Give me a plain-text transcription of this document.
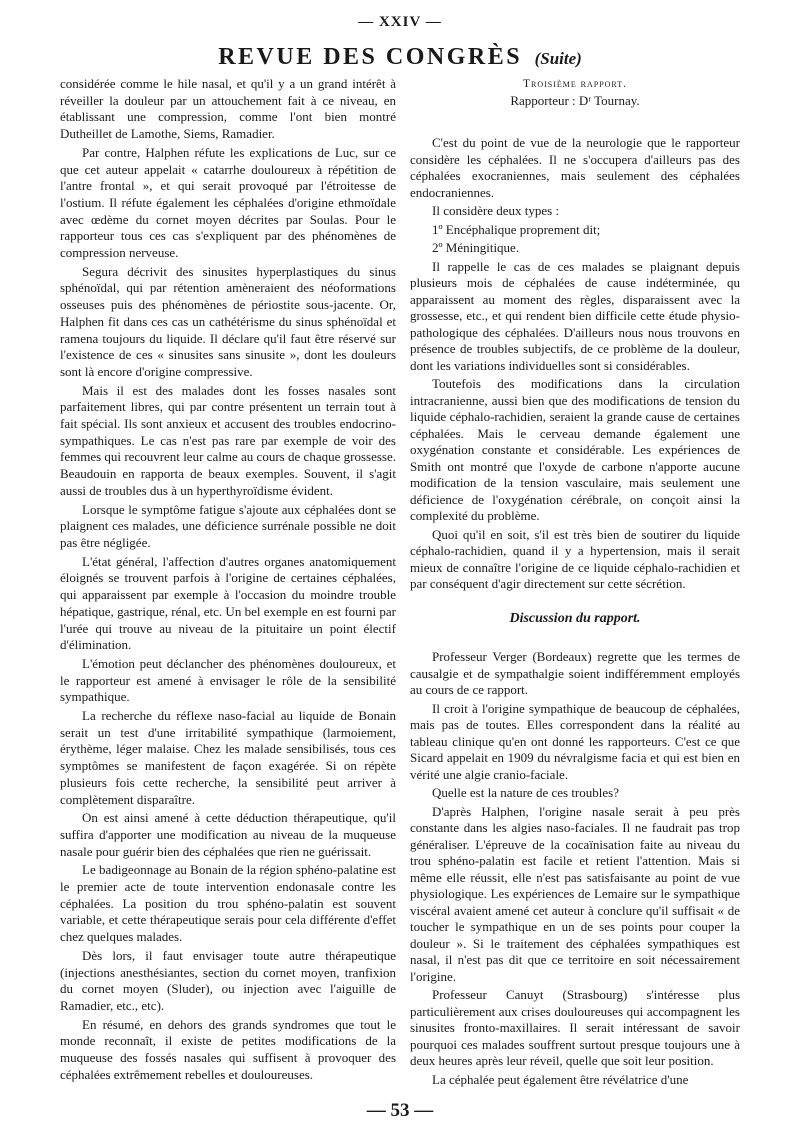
— XXIV —
REVUE DES CONGRÈS (Suite)

considérée comme le hile nasal, et qu'il y a un grand intérêt à réveiller la douleur par un attouchement fait à ce niveau, en établissant une compression, comme l'ont bien montré Dutheillet de Lamothe, Siems, Ramadier.

Par contre, Halphen réfute les explications de Luc, sur ce que cet auteur appelait « catarrhe douloureux à répétition de l'antre frontal », et qui serait provoqué par l'étroitesse de l'ostium. Il réfute également les céphalées d'origine ethmoïdale avec œdème du cornet moyen décrites par Soulas. Pour le rapporteur tous ces cas s'expliquent par des phénomènes de compression nerveuse.

Segura décrivit des sinusites hyperplastiques du sinus sphénoïdal, qui par rétention amèneraient des néoformations osseuses puis des phénomènes de périostite sous-jacente. Or, Halphen fit dans ces cas un cathétérisme du sinus sphénoïdal et ramena toujours du liquide. Il déclare qu'il faut être réservé sur l'existence de ces « sinusites sans sinusite », dont les douleurs sont là encore d'origine compressive.

Mais il est des malades dont les fosses nasales sont parfaitement libres, qui par contre présentent un terrain tout à fait spécial. Ils sont anxieux et accusent des troubles endocrino-sympathiques. Le cas n'est pas rare par exemple de voir des femmes qui recouvrent leur calme au cours de chaque grossesse. Beaudouin en rapporta de beaux exemples. Souvent, il s'agit aussi de troubles dus à un hyperthyroïdisme évident.

Lorsque le symptôme fatigue s'ajoute aux céphalées dont se plaignent ces malades, une déficience surrénale possible ne doit pas être négligée.

L'état général, l'affection d'autres organes anatomiquement éloignés se trouvent parfois à l'origine de certaines céphalées, qui apparaissent par exemple à l'occasion du moindre trouble hépatique, gastrique, rénal, etc. Un bel exemple en est fourni par l'urée qui trouve au niveau de la pituitaire un point électif d'élimination.

L'émotion peut déclancher des phénomènes douloureux, et le rapporteur est amené à envisager le rôle de la sensibilité sympathique.

La recherche du réflexe naso-facial au liquide de Bonain serait un test d'une irritabilité sympathique (larmoiement, érythème, léger malaise. Chez les malade sensibilisés, tous ces symptômes se manifestent de façon exagérée. Si on répète plusieurs fois cette recherche, la sensibilité peut arriver à complètement disparaître.

On est ainsi amené à cette déduction thérapeutique, qu'il suffira d'apporter une modification au niveau de la muqueuse nasale pour guérir bien des céphalées que rien ne guérissait.

Le badigeonnage au Bonain de la région sphéno-palatine est le premier acte de toute intervention endonasale contre les céphalées. La position du trou sphéno-palatin est souvent variable, et cette thérapeutique serais pour cela différente d'effet chez quelques malades.

Dès lors, il faut envisager toute autre thérapeutique (injections anesthésiantes, section du cornet moyen, tranfixion du cornet moyen (Sluder), ou injection avec l'aiguille de Ramadier, etc., etc).

En résumé, en dehors des grands syndromes que tout le monde reconnaît, il existe de petites modifications de la muqueuse des fossés nasales qui suffisent à provoquer des céphalées extrêmement rebelles et douloureuses.

Troisième rapport.
Rapporteur : Dʳ Tournay.

C'est du point de vue de la neurologie que le rapporteur considère les céphalées. Il ne s'occupera d'ailleurs pas des céphalées exocraniennes, mais seulement des céphalées endocraniennes.

Il considère deux types :

1º Encéphalique proprement dit;

2º Méningitique.

Il rappelle le cas de ces malades se plaignant depuis plusieurs mois de céphalées de cause indéterminée, qu apparaissent au moment des règles, disparaissent avec la grossesse, etc., et qui rendent bien difficile cette étude physio-pathologique des céphalées. D'ailleurs nous nous trouvons en présence de troubles subjectifs, de ce problème de la douleur, dont les variations individuelles sont si considérables.

Toutefois des modifications dans la circulation intracranienne, aussi bien que des modifications de tension du liquide céphalo-rachidien, seraient la grande cause de certaines céphalées. Mais le cerveau demande également une oxygénation constante et considérable. Les expériences de Smith ont montré que l'oxyde de carbone n'apporte aucune modification de la tension vasculaire, mais seulement une déficience de l'oxygénation cérébrale, on conçoit ainsi la complexité du problème.

Quoi qu'il en soit, s'il est très bien de soutirer du liquide céphalo-rachidien, quand il y a hypertension, mais il serait mieux de connaître l'origine de ce liquide céphalo-rachidien et par conséquent d'agir directement sur cette sécrétion.

Discussion du rapport.

Professeur Verger (Bordeaux) regrette que les termes de causalgie et de sympathalgie soient indifféremment employés au cours de ce rapport.

Il croit à l'origine sympathique de beaucoup de céphalées, mais pas de toutes. Elles correspondent dans la réalité au tableau clinique qu'en ont donné les rapporteurs. C'est ce que Sicard appelait en 1909 du névralgisme facia et qui est bien en vérité une algie cranio-faciale.

Quelle est la nature de ces troubles?

D'après Halphen, l'origine nasale serait à peu près constante dans les algies naso-faciales. Il ne faudrait pas trop généraliser. L'épreuve de la cocaïnisation faite au niveau du trou sphéno-palatin est facile et retient l'attention. Mais si même elle réussit, elle n'est pas satisfaisante au point de vue physiologique. Les expériences de Lemaire sur le sympathique viscéral avaient amené cet auteur à conclure qu'il suffisait « de toucher le sympathique en un de ses points pour couper la douleur ». Si le traitement des céphalées sympathiques est nasal, il n'est pas dit que ce territoire en soit nécessairement l'origine.

Professeur Canuyt (Strasbourg) s'intéresse plus particulièrement aux crises douloureuses qui accompagnent les sinusites fronto-maxillaires. Il serait intéressant de savoir pourquoi ces malades souffrent surtout presque toujours une à deux heures après leur réveil, quelle que soit leur position.

La céphalée peut également être révélatrice d'une

— 53 —
